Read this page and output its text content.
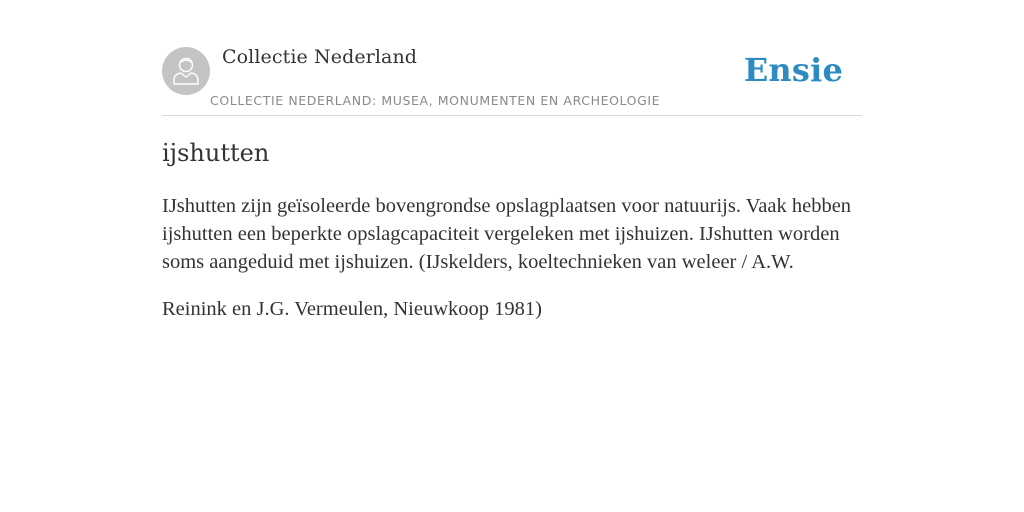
Collectie Nederland
COLLECTIE NEDERLAND: MUSEA, MONUMENTEN EN ARCHEOLOGIE
Ensie
ijshutten

IJshutten zijn geïsoleerde bovengrondse opslagplaatsen voor natuurijs. Vaak hebben ijshutten een beperkte opslagcapaciteit vergeleken met ijshuizen. IJshutten worden soms aangeduid met ijshuizen. (IJskelders, koeltechnieken van weleer / A.W.

Reinink en J.G. Vermeulen, Nieuwkoop 1981)
